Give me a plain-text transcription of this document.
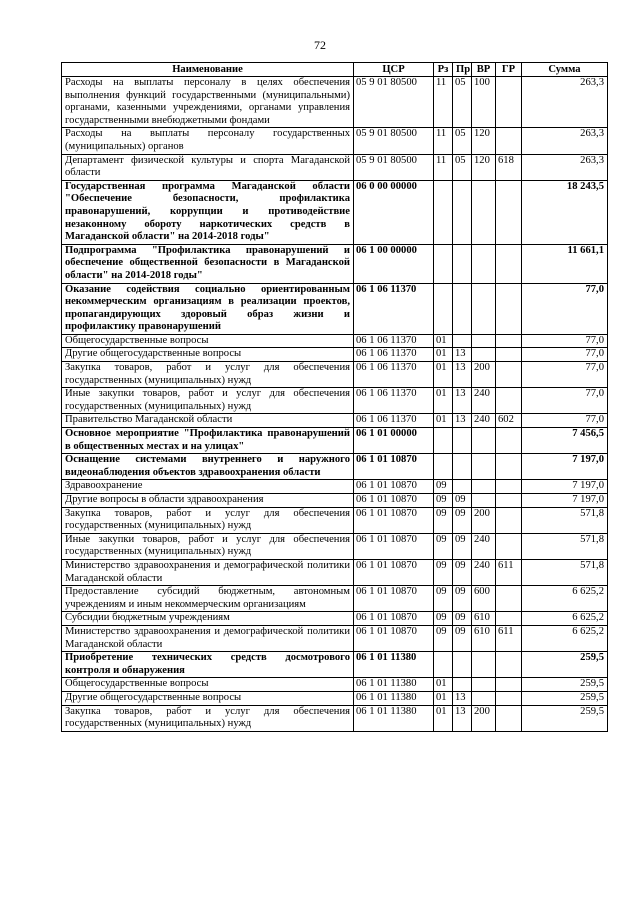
72
Наименование	ЦСР	Рз	Пр	ВР	ГР	Сумма
Расходы на выплаты персоналу в целях обеспечения выполнения функций государственными (муниципальными) органами, казенными учреждениями, органами управления государственными внебюджетными фондами	05 9 01 80500	11	05	100		263,3
Расходы на выплаты персоналу государственных (муниципальных) органов	05 9 01 80500	11	05	120		263,3
Департамент физической культуры и спорта Магаданской области	05 9 01 80500	11	05	120	618	263,3
Государственная программа Магаданской области "Обеспечение безопасности, профилактика правонарушений, коррупции и противодействие незаконному обороту наркотических средств в Магаданской области" на 2014-2018 годы"	06 0 00 00000					18 243,5
Подпрограмма "Профилактика правонарушений и обеспечение общественной безопасности в Магаданской области" на 2014-2018 годы"	06 1 00 00000					11 661,1
Оказание содействия социально ориентированным некоммерческим организациям в реализации проектов, пропагандирующих здоровый образ жизни и профилактику правонарушений	06 1 06 11370					77,0
Общегосударственные вопросы	06 1 06 11370	01				77,0
Другие общегосударственные вопросы	06 1 06 11370	01	13			77,0
Закупка товаров, работ и услуг для обеспечения государственных (муниципальных) нужд	06 1 06 11370	01	13	200		77,0
Иные закупки товаров, работ и услуг для обеспечения государственных (муниципальных) нужд	06 1 06 11370	01	13	240		77,0
Правительство Магаданской области	06 1 06 11370	01	13	240	602	77,0
Основное мероприятие "Профилактика правонарушений в общественных местах и на улицах"	06 1 01 00000					7 456,5
Оснащение системами внутреннего и наружного видеонаблюдения объектов здравоохранения области	06 1 01 10870					7 197,0
Здравоохранение	06 1 01 10870	09				7 197,0
Другие вопросы в области здравоохранения	06 1 01 10870	09	09			7 197,0
Закупка товаров, работ и услуг для обеспечения государственных (муниципальных) нужд	06 1 01 10870	09	09	200		571,8
Иные закупки товаров, работ и услуг для обеспечения государственных (муниципальных) нужд	06 1 01 10870	09	09	240		571,8
Министерство здравоохранения и демографической политики Магаданской области	06 1 01 10870	09	09	240	611	571,8
Предоставление субсидий бюджетным, автономным учреждениям и иным некоммерческим организациям	06 1 01 10870	09	09	600		6 625,2
Субсидии бюджетным учреждениям	06 1 01 10870	09	09	610		6 625,2
Министерство здравоохранения и демографической политики Магаданской области	06 1 01 10870	09	09	610	611	6 625,2
Приобретение технических средств досмотрового контроля и обнаружения	06 1 01 11380					259,5
Общегосударственные вопросы	06 1 01 11380	01				259,5
Другие общегосударственные вопросы	06 1 01 11380	01	13			259,5
Закупка товаров, работ и услуг для обеспечения государственных (муниципальных) нужд	06 1 01 11380	01	13	200		259,5
